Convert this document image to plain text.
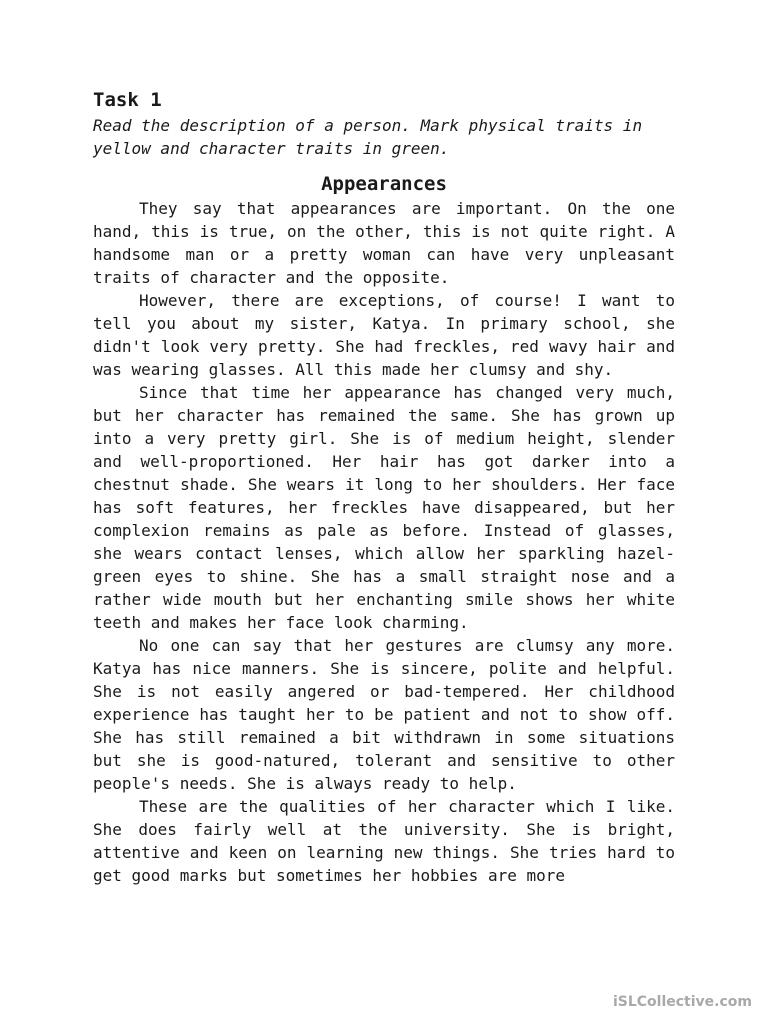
Task 1

Read the description of a person. Mark physical traits in yellow and character traits in green.

Appearances

They say that appearances are important. On the one hand, this is true, on the other, this is not quite right. A handsome man or a pretty woman can have very unpleasant traits of character and the opposite.

However, there are exceptions, of course! I want to tell you about my sister, Katya. In primary school, she didn't look very pretty. She had freckles, red wavy hair and was wearing glasses. All this made her clumsy and shy.

Since that time her appearance has changed very much, but her character has remained the same. She has grown up into a very pretty girl. She is of medium height, slender and well-proportioned. Her hair has got darker into a chestnut shade. She wears it long to her shoulders. Her face has soft features, her freckles have disappeared, but her complexion remains as pale as before. Instead of glasses, she wears contact lenses, which allow her sparkling hazel-green eyes to shine. She has a small straight nose and a rather wide mouth but her enchanting smile shows her white teeth and makes her face look charming.

No one can say that her gestures are clumsy any more. Katya has nice manners. She is sincere, polite and helpful. She is not easily angered or bad-tempered. Her childhood experience has taught her to be patient and not to show off. She has still remained a bit withdrawn in some situations but she is good-natured, tolerant and sensitive to other people's needs. She is always ready to help.

These are the qualities of her character which I like. She does fairly well at the university. She is bright, attentive and keen on learning new things. She tries hard to get good marks but sometimes her hobbies are more

iSLCollective.com
